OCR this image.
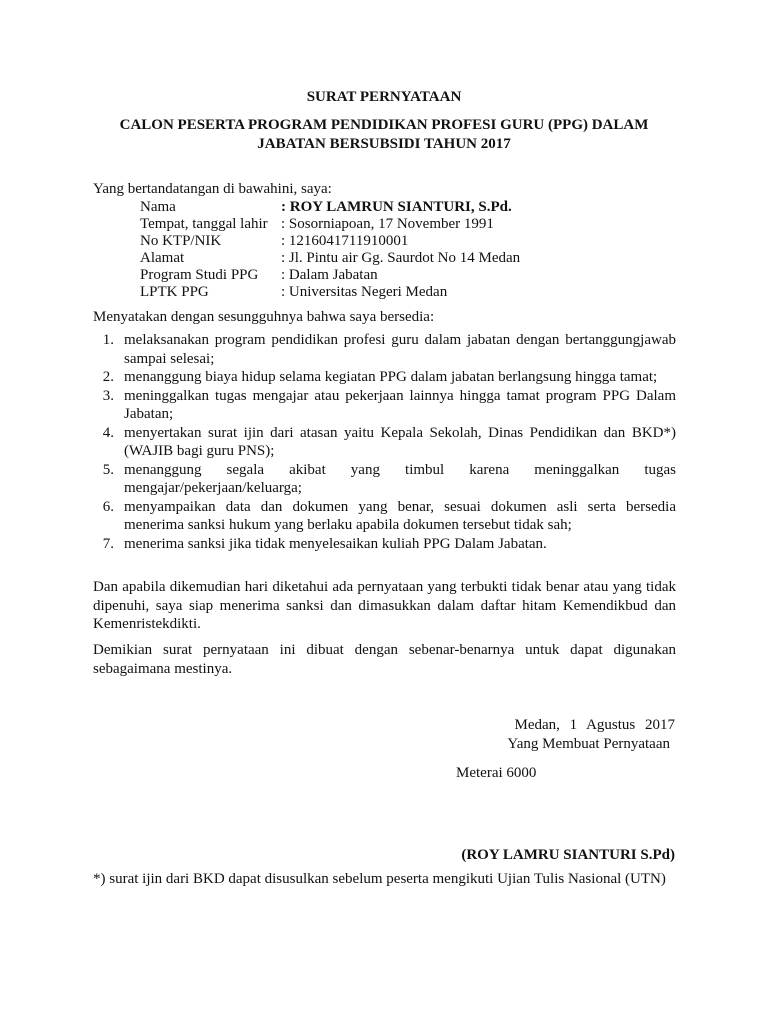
SURAT PERNYATAAN
CALON PESERTA PROGRAM PENDIDIKAN PROFESI GURU (PPG) DALAM
JABATAN BERSUBSIDI TAHUN 2017
Yang bertandatangan di bawahini, saya:
Nama	: ROY LAMRUN SIANTURI, S.Pd.
Tempat, tanggal lahir : Sosorniapoan, 17 November 1991
No KTP/NIK	: 1216041711910001
Alamat	: Jl. Pintu air Gg. Saurdot No 14 Medan
Program Studi PPG : Dalam Jabatan
LPTK PPG	: Universitas Negeri Medan
Menyatakan dengan sesungguhnya bahwa saya bersedia:
1. melaksanakan program pendidikan profesi guru dalam jabatan dengan bertanggungjawab sampai selesai;
2. menanggung biaya hidup selama kegiatan PPG dalam jabatan berlangsung hingga tamat;
3. meninggalkan tugas mengajar atau pekerjaan lainnya hingga tamat program PPG Dalam Jabatan;
4. menyertakan surat ijin dari atasan yaitu Kepala Sekolah, Dinas Pendidikan dan BKD*) (WAJIB bagi guru PNS);
5. menanggung segala akibat yang timbul karena meninggalkan tugas mengajar/pekerjaan/keluarga;
6. menyampaikan data dan dokumen yang benar, sesuai dokumen asli serta bersedia menerima sanksi hukum yang berlaku apabila dokumen tersebut tidak sah;
7. menerima sanksi jika tidak menyelesaikan kuliah PPG Dalam Jabatan.
Dan apabila dikemudian hari diketahui ada pernyataan yang terbukti tidak benar atau yang tidak dipenuhi, saya siap menerima sanksi dan dimasukkan dalam daftar hitam Kemendikbud dan Kemenristekdikti.
Demikian surat pernyataan ini dibuat dengan sebenar-benarnya untuk dapat digunakan sebagaimana mestinya.
Medan, 1 Agustus 2017
Yang Membuat Pernyataan
Meterai 6000
(ROY LAMRU SIANTURI S.Pd)
*) surat ijin dari BKD dapat disusulkan sebelum peserta mengikuti Ujian Tulis Nasional (UTN)
